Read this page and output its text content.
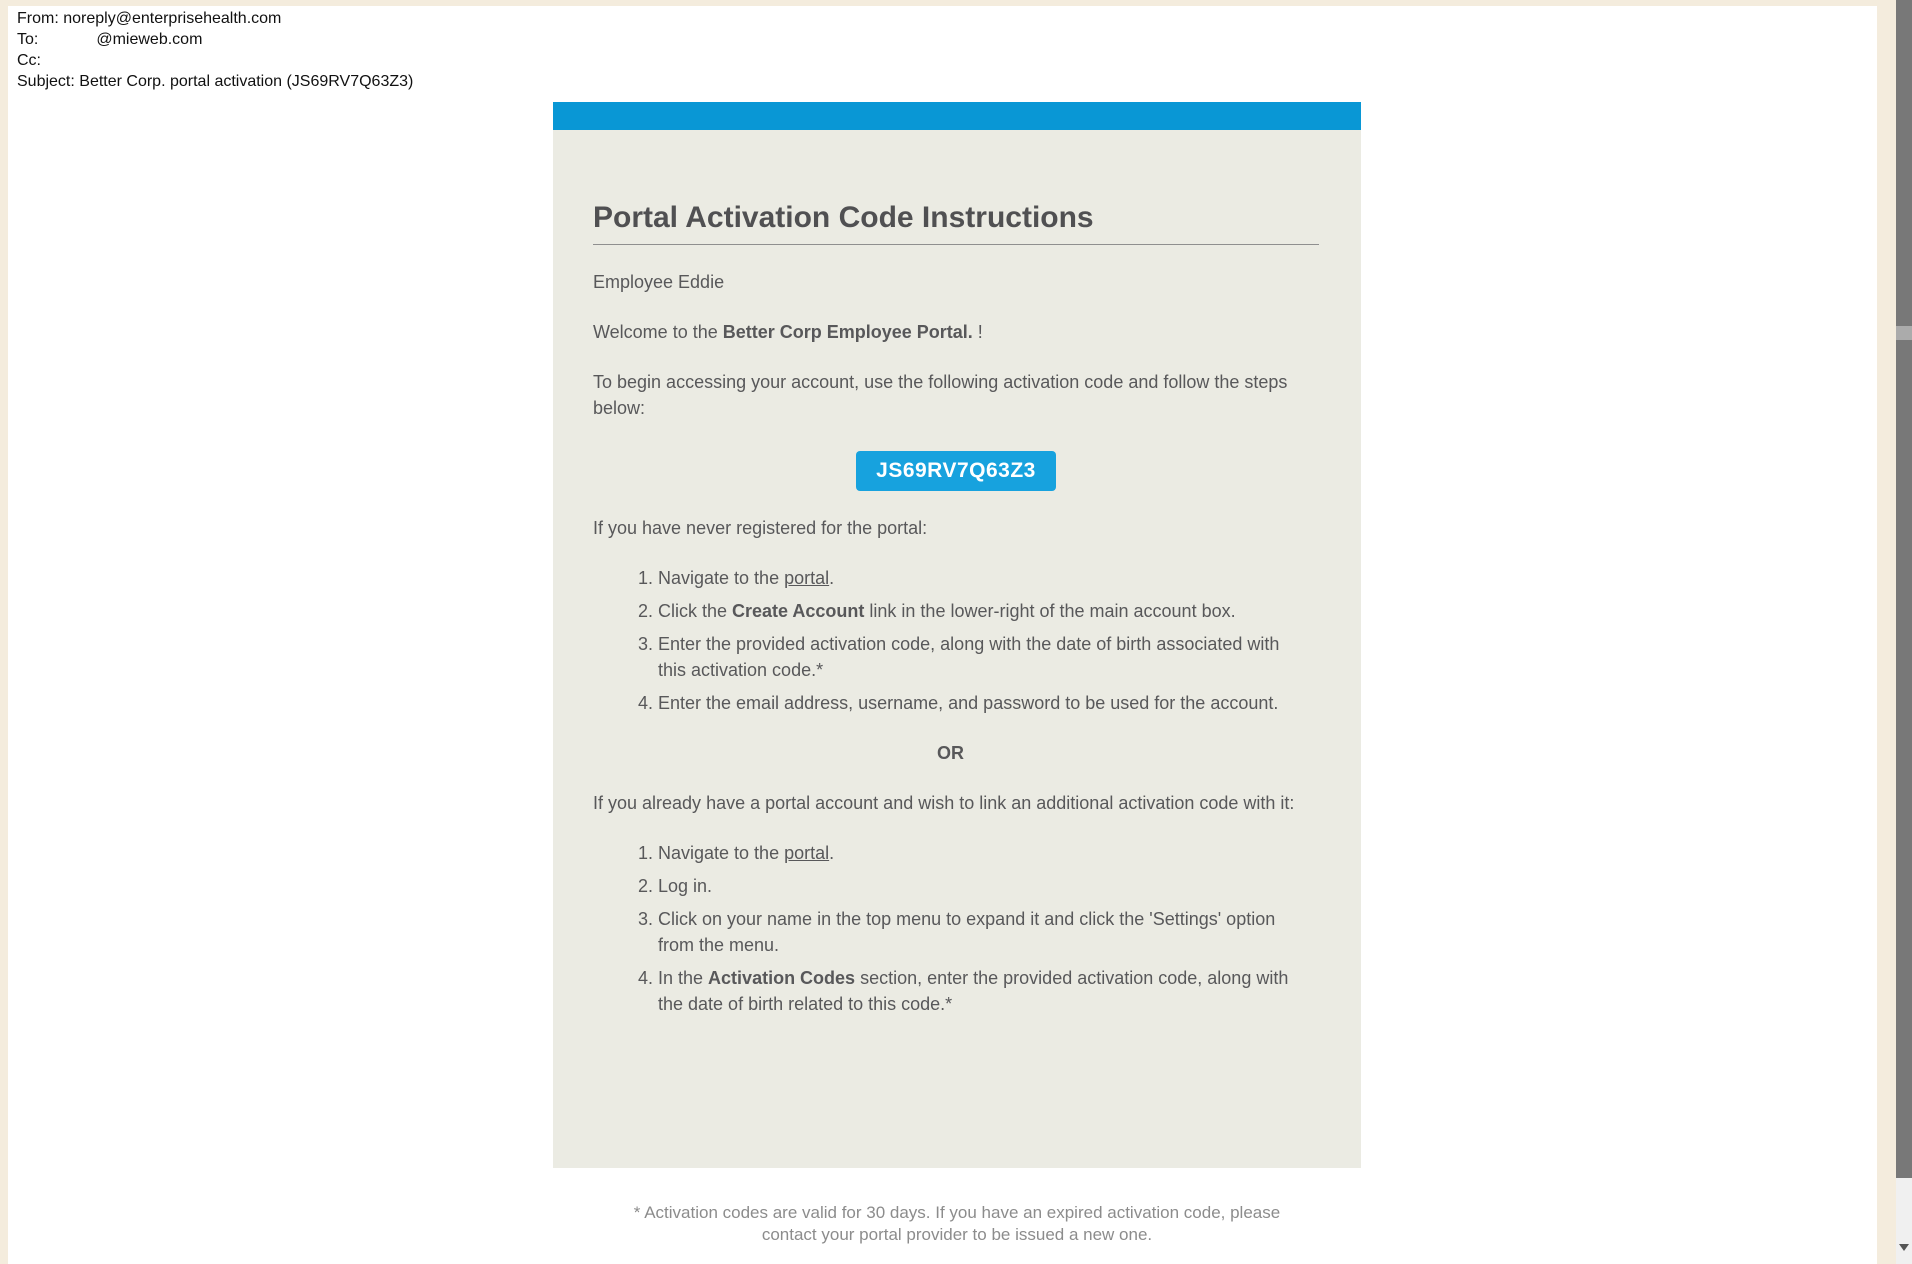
From: noreply@enterprisehealth.com
To:	@mieweb.com
Cc:
Subject: Better Corp. portal activation (JS69RV7Q63Z3)
Portal Activation Code Instructions

Employee Eddie

Welcome to the Better Corp Employee Portal. !

To begin accessing your account, use the following activation code and follow the steps below:

JS69RV7Q63Z3

If you have never registered for the portal:

1. Navigate to the portal.
2. Click the Create Account link in the lower-right of the main account box.
3. Enter the provided activation code, along with the date of birth associated with this activation code.*
4. Enter the email address, username, and password to be used for the account.

OR

If you already have a portal account and wish to link an additional activation code with it:

1. Navigate to the portal.
2. Log in.
3. Click on your name in the top menu to expand it and click the 'Settings' option from the menu.
4. In the Activation Codes section, enter the provided activation code, along with the date of birth related to this code.*
* Activation codes are valid for 30 days. If you have an expired activation code, please contact your portal provider to be issued a new one.
